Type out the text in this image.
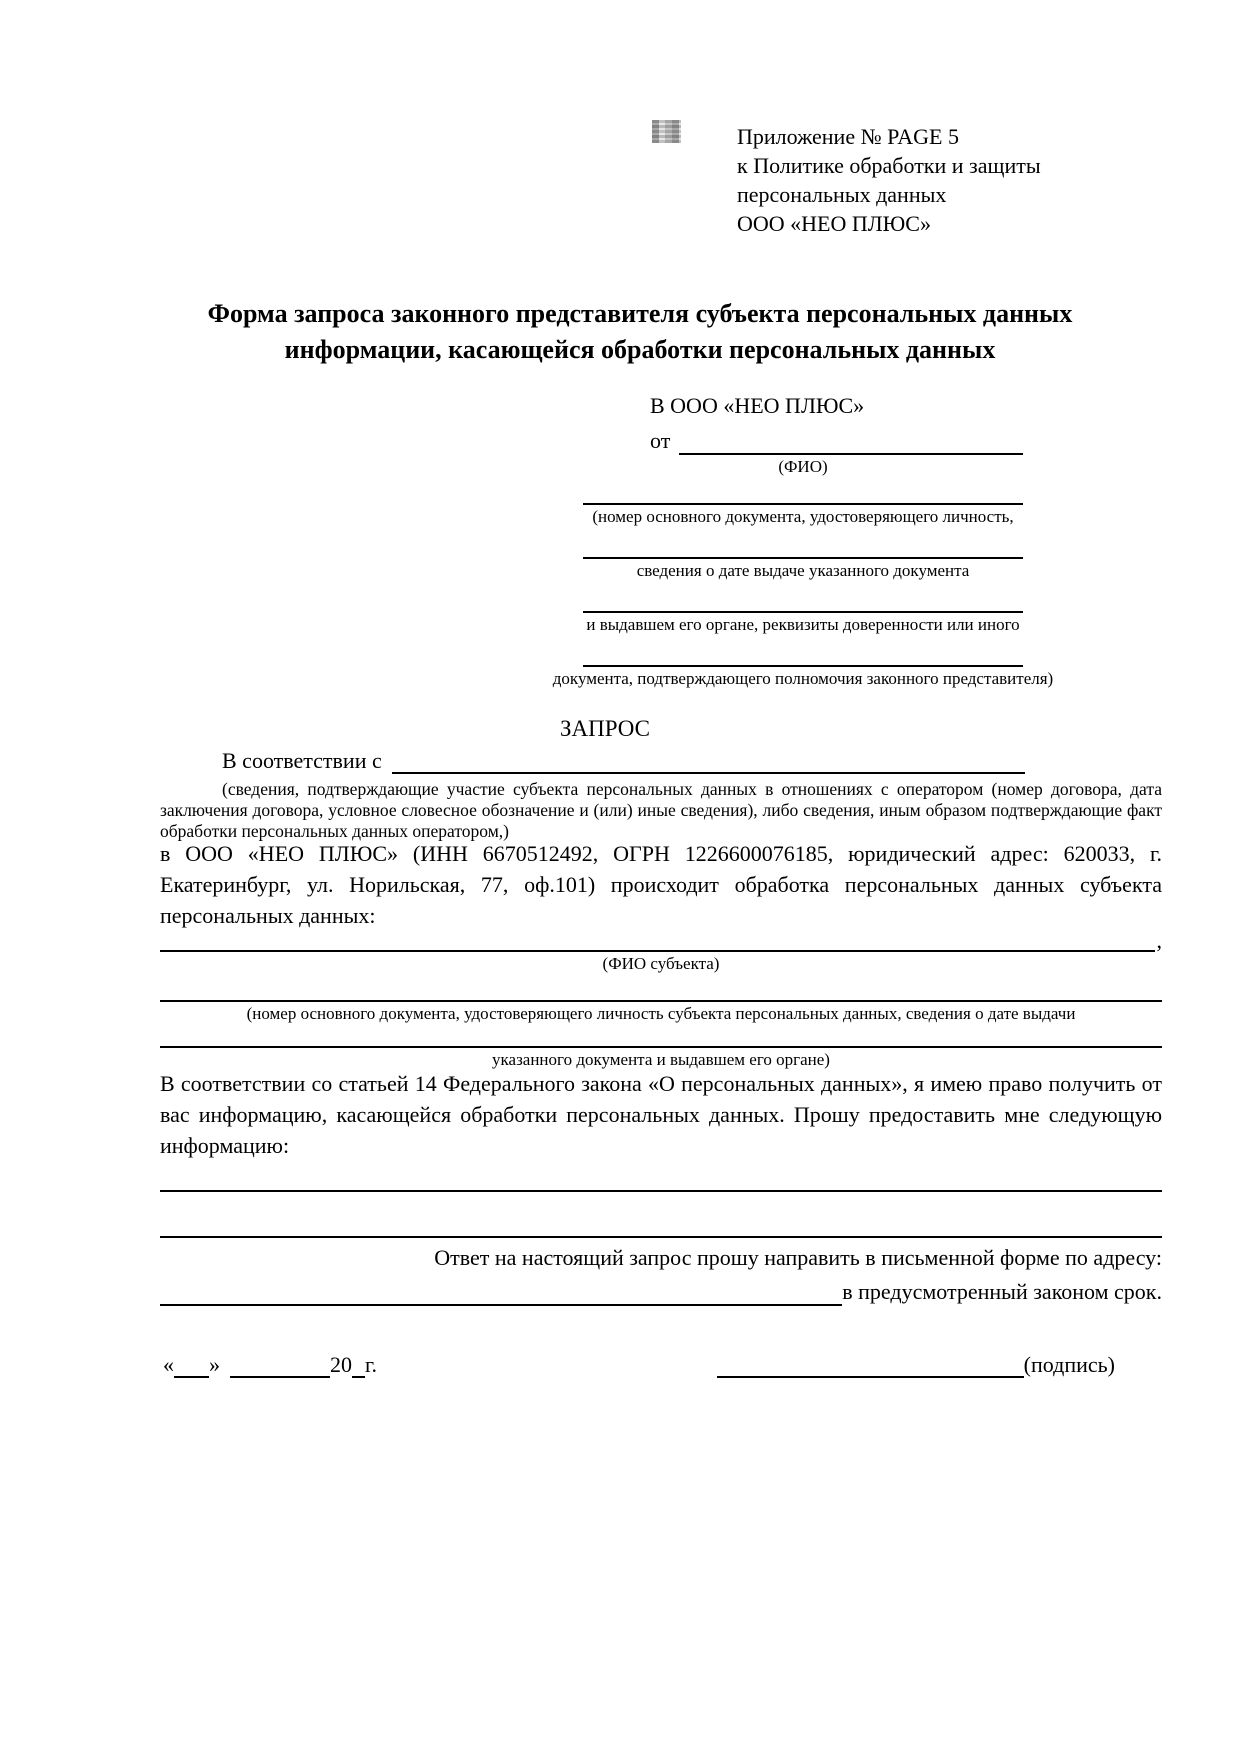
Приложение № PAGE 5
к Политике обработки и защиты
персональных данных
ООО «НЕО ПЛЮС»
Форма запроса законного представителя субъекта персональных данных информации, касающейся обработки персональных данных
В ООО «НЕО ПЛЮС»
от
(ФИО)
(номер основного документа, удостоверяющего личность,
сведения о дате выдаче указанного документа
и выдавшем его органе, реквизиты доверенности или иного
документа, подтверждающего полномочия законного представителя)
ЗАПРОС
В соответствии с
(сведения, подтверждающие участие субъекта персональных данных в отношениях с оператором (номер договора, дата заключения договора, условное словесное обозначение и (или) иные сведения), либо сведения, иным образом подтверждающие факт обработки персональных данных оператором,)
в ООО «НЕО ПЛЮС» (ИНН 6670512492, ОГРН 1226600076185, юридический адрес: 620033, г. Екатеринбург, ул. Норильская, 77, оф.101) происходит обработка персональных данных субъекта персональных данных:
,
(ФИО субъекта)
(номер основного документа, удостоверяющего личность субъекта персональных данных, сведения о дате выдачи
указанного документа и выдавшем его органе)
В соответствии со статьей 14 Федерального закона «О персональных данных», я имею право получить от вас информацию, касающейся обработки персональных данных. Прошу предоставить мне следующую информацию:
Ответ на настоящий запрос прошу направить в письменной форме по адресу:
в предусмотренный законом срок.
« »	20 г.	(подпись)
